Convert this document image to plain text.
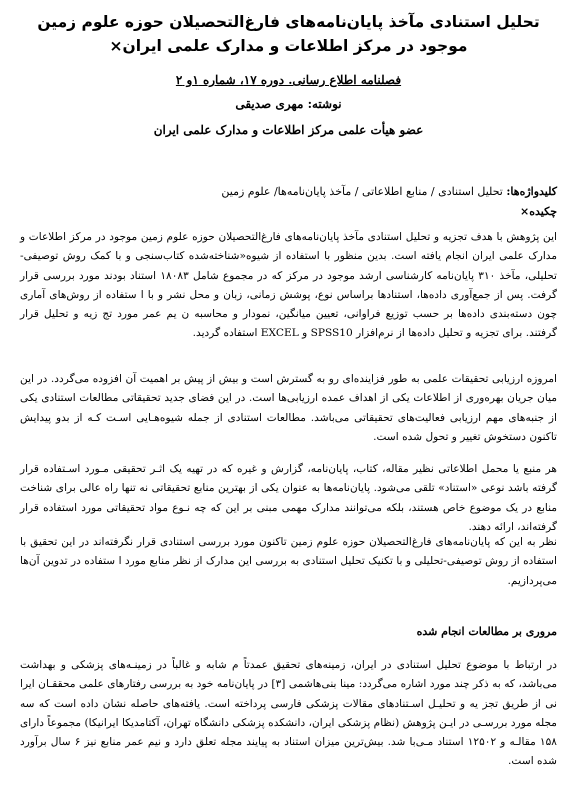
تحلیل استنادی مآخذ پایان‌نامه‌های فارغ‌التحصیلان حوزه علوم زمین
موجود در مرکز اطلاعات و مدارک علمی ایران×
فصلنامه اطلاع رسانی. دوره ۱۷، شماره ۱و ۲
نوشته: مهری صدیقی
عضو هیأت علمی مرکز اطلاعات و مدارک علمی ایران
کلیدواژه‌ها: تحلیل استنادی / منابع اطلاعاتی / مآخذ پایان‌نامه‌ها/ علوم زمین
چکیده×
این پژوهش با هدف تجزیه و تحلیل استنادی مآخذ پایان‌نامه‌های فارغ‌التحصیلان حوزه علوم زمین موجود در مرکز اطلاعات و مدارک علمی ایران انجام یافته است. بدین منظور با استفاده از شیوه«شناخته‌شده کتاب‌سنجی و با کمک روش توصیفی-تحلیلی، مآخذ ۳۱۰ پایان‌نامه کارشناسی ارشد موجود در مرکز که در مجموع شامل ۱۸۰۸۳ استناد بودند مورد بررسی قرار گرفت. پس از جمع‌آوری داده‌ها، استنادها براساس نوع، پوشش زمانی، زبان و محل نشر و با ا ستفاده از روش‌های آماری چون دسته‌بندی داده‌ها بر حسب توزیع فراوانی، تعیین میانگین، نمودار و محاسبه ن یم عمر مورد تج زیه و تحلیل قرار گرفتند. برای تجزیه و تحلیل داده‌ها از نرم‌افزار SPSS10 و EXCEL استفاده گردید.
امروزه ارزیابی تحقیقات علمی به طور فزاینده‌ای رو به گسترش است و بیش از پیش بر اهمیت آن افزوده می‌گردد. در این میان جریان بهره‌وری از اطلاعات یکی از اهداف عمده ارزیابی‌ها است. در این فضای جدید تحقیقاتی مطالعات استنادی یکی از جنبه‌های مهم ارزیابی فعالیت‌های تحقیقاتی می‌باشد. مطالعات استنادی از جمله شیوه‌هـایی اسـت کـه از بدو پیدایش تاکنون دستخوش تغییر و تحول شده است.
هر منبع یا محمل اطلاعاتی نظیر مقاله، کتاب، پایان‌نامه، گزارش و غیره که در تهیه یک اثـر تحقیقی مـورد اسـتفاده قرار گرفته باشد نوعی «استناد» تلقی می‌شود. پایان‌نامه‌ها به عنوان یکی از بهترین منابع تحقیقاتی نه تنها راه عالی برای شناخت منابع در یک موضوع خاص هستند، بلکه می‌توانند مدارک مهمی مبنی بر این که چه نـوع مواد تحقیقاتی مورد استفاده قرار گرفته‌اند، ارائه دهند.
نظر به این که پایان‌نامه‌های فارغ‌التحصیلان حوزه علوم زمین تاکنون مورد بررسی استنادی قرار نگرفته‌اند در این تحقیق با استفاده از روش توصیفی-تحلیلی و با تکنیک تحلیل استنادی به بررسی این مدارک از نظر منابع مورد ا ستفاده در تدوین آن‌ها می‌پردازیم.
مروری بر مطالعات انجام شده
در ارتباط با موضوع تحلیل استنادی در ایران، زمینه‌های تحقیق عمدتاً م شابه و غالباً در زمینـه‌های پزشکی و بهداشت می‌باشد، که به ذکر چند مورد اشاره می‌گردد: مینا بنی‌هاشمی [۳] در پایان‌نامه خود به بررسی رفتارهای علمی محققـان ایرا نی از طریق تجز یه و تحلیـل اسـتنادهای مقالات پزشکی فارسی پرداخته است. یافته‌های حاصله نشان داده است که سه مجله مورد بررسـی در ایـن پژوهش (نظام پزشکی ایران، دانشکده پزشکی دانشگاه تهران، آکتامدیکا ایرانیکا) مجموعاً دارای ۱۵۸ مقالـه و ۱۲۵۰۲ استناد مـی‌با شد. بیش‌ترین میزان استناد به پیایند مجله تعلق دارد و نیم عمر منابع نیز ۶ سال برآورد شده است.
